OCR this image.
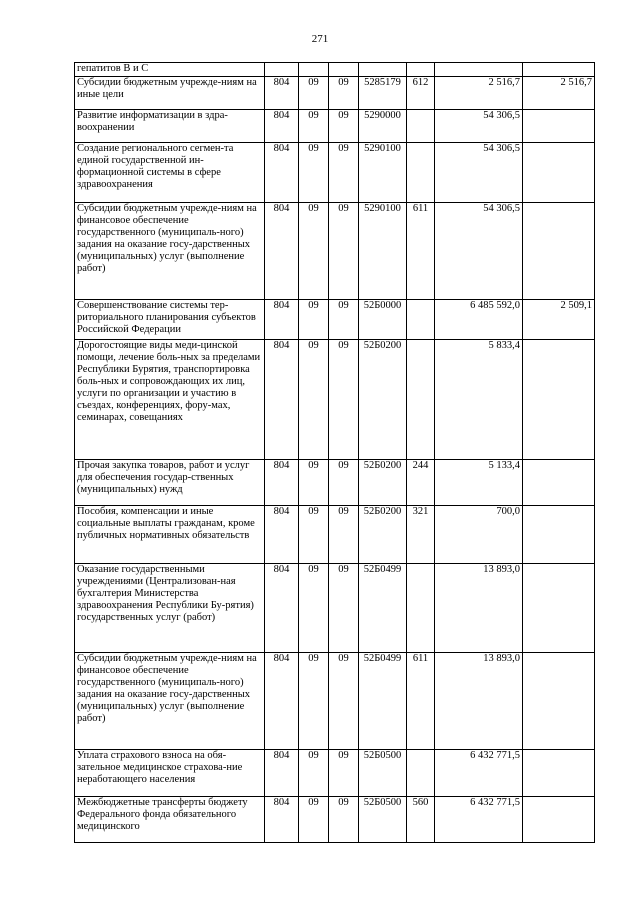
271
гепатитов В и С							
Субсидии бюджетным учрежде-ниям на иные цели	804	09	09	5285179	612	2 516,7	2 516,7
Развитие информатизации в здра-воохранении	804	09	09	5290000		54 306,5	
Создание регионального сегмен-та единой государственной ин-формационной системы в сфере здравоохранения	804	09	09	5290100		54 306,5	
Субсидии бюджетным учрежде-ниям на финансовое обеспечение государственного (муниципаль-ного) задания на оказание госу-дарственных (муниципальных) услуг (выполнение работ)	804	09	09	5290100	611	54 306,5	
Совершенствование системы тер-риториального планирования субъектов Российской Федерации	804	09	09	52Б0000		6 485 592,0	2 509,1
Дорогостоящие виды меди-цинской помощи, лечение боль-ных за пределами Республики Бурятия, транспортировка боль-ных и сопровождающих их лиц, услуги по организации и участию в съездах, конференциях, фору-мах, семинарах, совещаниях	804	09	09	52Б0200		5 833,4	
Прочая закупка товаров, работ и услуг для обеспечения государ-ственных (муниципальных) нужд	804	09	09	52Б0200	244	5 133,4	
Пособия, компенсации и иные социальные выплаты гражданам, кроме публичных нормативных обязательств	804	09	09	52Б0200	321	700,0	
Оказание государственными учреждениями (Централизован-ная бухгалтерия Министерства здравоохранения Республики Бу-рятия) государственных услуг (работ)	804	09	09	52Б0499		13 893,0	
Субсидии бюджетным учрежде-ниям на финансовое обеспечение государственного (муниципаль-ного) задания на оказание госу-дарственных (муниципальных) услуг (выполнение работ)	804	09	09	52Б0499	611	13 893,0	
Уплата страхового взноса на обя-зательное медицинское страхова-ние неработающего населения	804	09	09	52Б0500		6 432 771,5	
Межбюджетные трансферты бюджету Федерального фонда обязательного медицинского	804	09	09	52Б0500	560	6 432 771,5	
